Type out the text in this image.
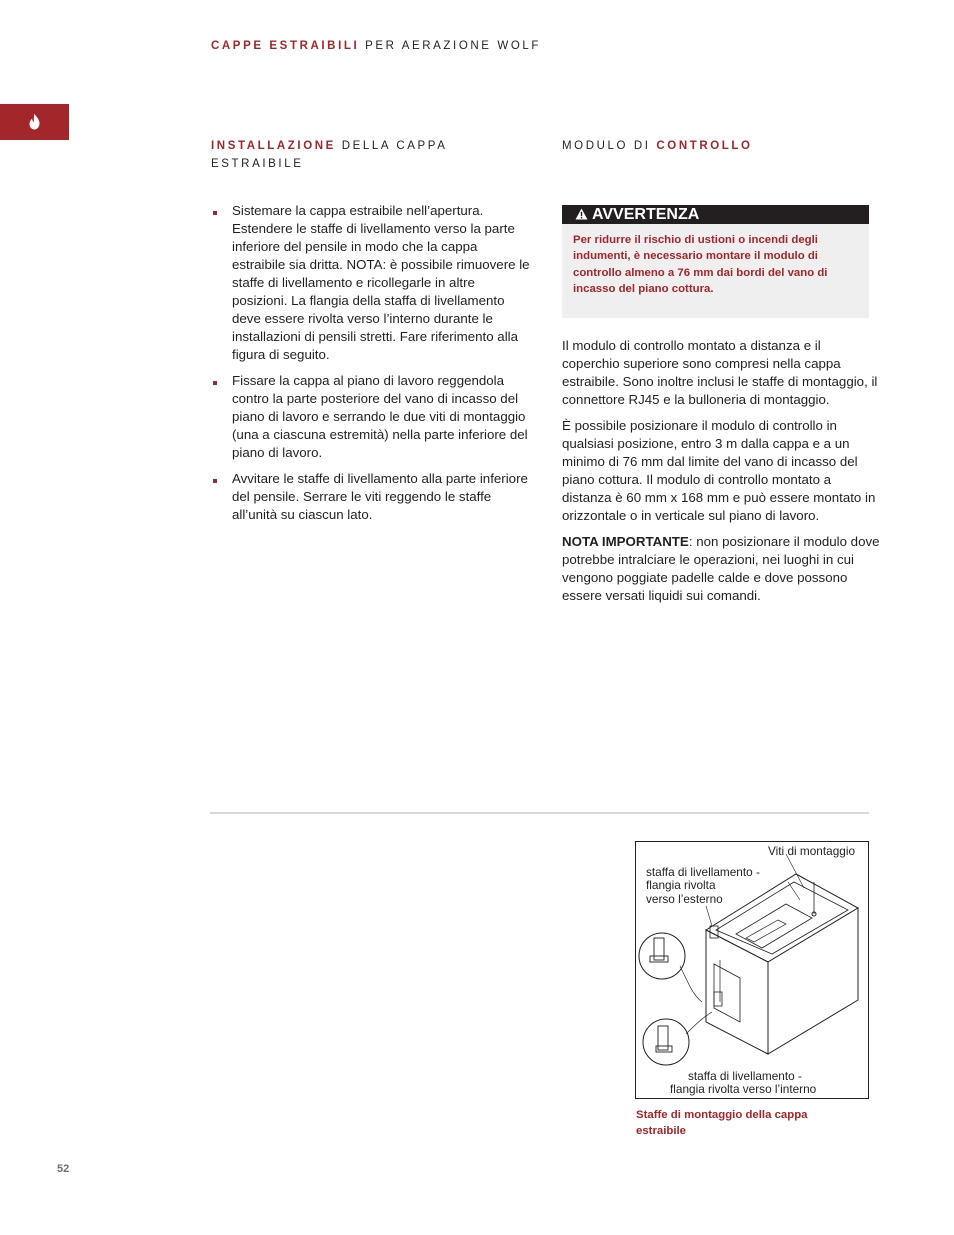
CAPPE ESTRAIBILI PER AERAZIONE WOLF
INSTALLAZIONE DELLA CAPPA ESTRAIBILE
Sistemare la cappa estraibile nell’apertura. Estendere le staffe di livellamento verso la parte inferiore del pensile in modo che la cappa estraibile sia dritta. NOTA: è possibile rimuovere le staffe di livellamento e ricollegarle in altre posizioni. La flangia della staffa di livellamento deve essere rivolta verso l’interno durante le installazioni di pensili stretti. Fare riferimento alla figura di seguito.
Fissare la cappa al piano di lavoro reggendola contro la parte posteriore del vano di incasso del piano di lavoro e serrando le due viti di montaggio (una a ciascuna estremità) nella parte inferiore del piano di lavoro.
Avvitare le staffe di livellamento alla parte inferiore del pensile. Serrare le viti reggendo le staffe all’unità su ciascun lato.
MODULO DI CONTROLLO
AVVERTENZA

Per ridurre il rischio di ustioni o incendi degli indumenti, è necessario montare il modulo di controllo almeno a 76 mm dai bordi del vano di incasso del piano cottura.

Il modulo di controllo montato a distanza e il coperchio superiore sono compresi nella cappa estraibile. Sono inoltre inclusi le staffe di montaggio, il connettore RJ45 e la bulloneria di montaggio.

È possibile posizionare il modulo di controllo in qualsiasi posizione, entro 3 m dalla cappa e a un minimo di 76 mm dal limite del vano di incasso del piano cottura. Il modulo di controllo montato a distanza è 60 mm x 168 mm e può essere montato in orizzontale o in verticale sul piano di lavoro.

NOTA IMPORTANTE: non posizionare il modulo dove potrebbe intralciare le operazioni, nei luoghi in cui vengono poggiate padelle calde e dove possono essere versati liquidi sui comandi.

Viti di montaggio
staffa di livellamento -
flangia rivolta
verso l’esterno
staffa di livellamento -
flangia rivolta verso l’interno
Staffe di montaggio della cappa estraibile
52
